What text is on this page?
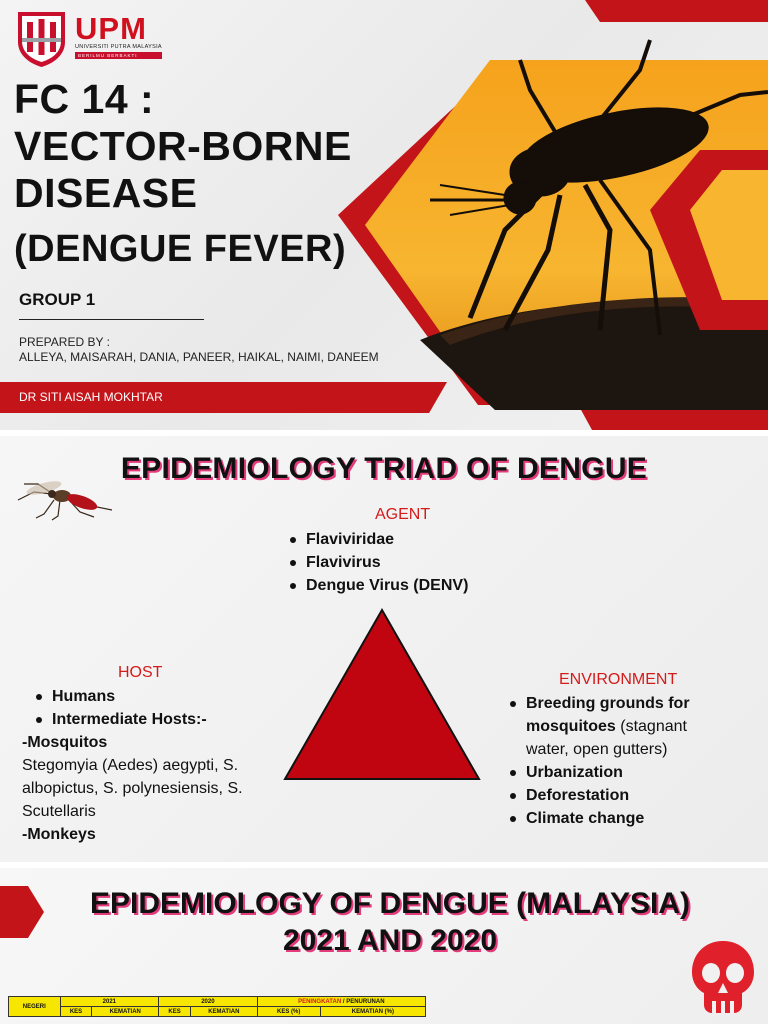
UPM
UNIVERSITI PUTRA MALAYSIA
BERILMU BERBAKTI
FC 14 :
VECTOR-BORNE
DISEASE
(DENGUE FEVER)
GROUP 1
PREPARED BY :
ALLEYA, MAISARAH, DANIA, PANEER, HAIKAL, NAIMI, DANEEM
DR SITI AISAH MOKHTAR
EPIDEMIOLOGY TRIAD OF DENGUE
AGENT
Flaviviridae
Flavivirus
Dengue Virus (DENV)
HOST
Humans
Intermediate Hosts:-
-Mosquitos
Stegomyia (Aedes) aegypti, S. albopictus, S. polynesiensis, S. Scutellaris
-Monkeys
ENVIRONMENT
Breeding grounds for mosquitoes (stagnant water, open gutters)
Urbanization
Deforestation
Climate change
EPIDEMIOLOGY OF DENGUE (MALAYSIA)
2021 AND 2020
NEGERI	2021		2020		PENINGKATAN / PENURUNAN	
	KES	KEMATIAN	KES	KEMATIAN	KES (%)	KEMATIAN (%)
